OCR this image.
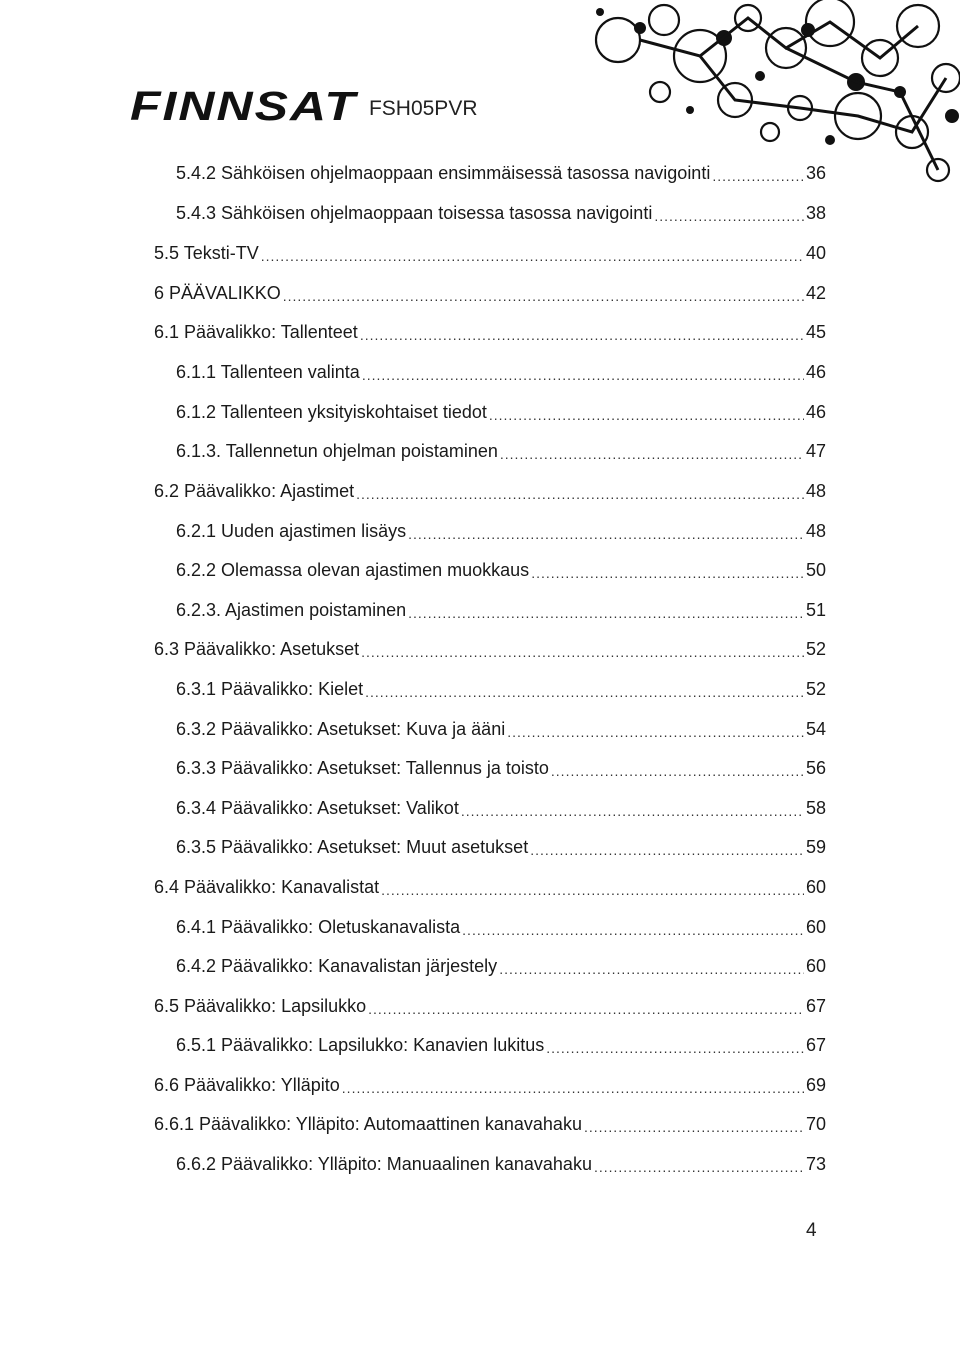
FINNSAT FSH05PVR
5.4.2 Sähköisen ohjelmaoppaan ensimmäisessä tasossa navigointi .....	36
5.4.3 Sähköisen ohjelmaoppaan toisessa tasossa navigointi .....	38
5.5 Teksti-TV .....	40
6 PÄÄVALIKKO .....	42
6.1 Päävalikko: Tallenteet .....	45
6.1.1 Tallenteen valinta .....	46
6.1.2 Tallenteen yksityiskohtaiset tiedot .....	46
6.1.3. Tallennetun ohjelman poistaminen .....	47
6.2 Päävalikko: Ajastimet .....	48
6.2.1 Uuden ajastimen lisäys .....	48
6.2.2 Olemassa olevan ajastimen muokkaus .....	50
6.2.3. Ajastimen poistaminen .....	51
6.3 Päävalikko: Asetukset .....	52
6.3.1 Päävalikko: Kielet .....	52
6.3.2 Päävalikko: Asetukset: Kuva ja ääni .....	54
6.3.3 Päävalikko: Asetukset: Tallennus ja toisto .....	56
6.3.4 Päävalikko: Asetukset: Valikot .....	58
6.3.5 Päävalikko: Asetukset: Muut asetukset .....	59
6.4 Päävalikko: Kanavalistat .....	60
6.4.1 Päävalikko: Oletuskanavalista .....	60
6.4.2 Päävalikko: Kanavalistan järjestely .....	60
6.5 Päävalikko: Lapsilukko .....	67
6.5.1 Päävalikko: Lapsilukko: Kanavien lukitus .....	67
6.6 Päävalikko: Ylläpito .....	69
6.6.1 Päävalikko: Ylläpito: Automaattinen kanavahaku .....	70
6.6.2 Päävalikko: Ylläpito: Manuaalinen kanavahaku .....	73
4
